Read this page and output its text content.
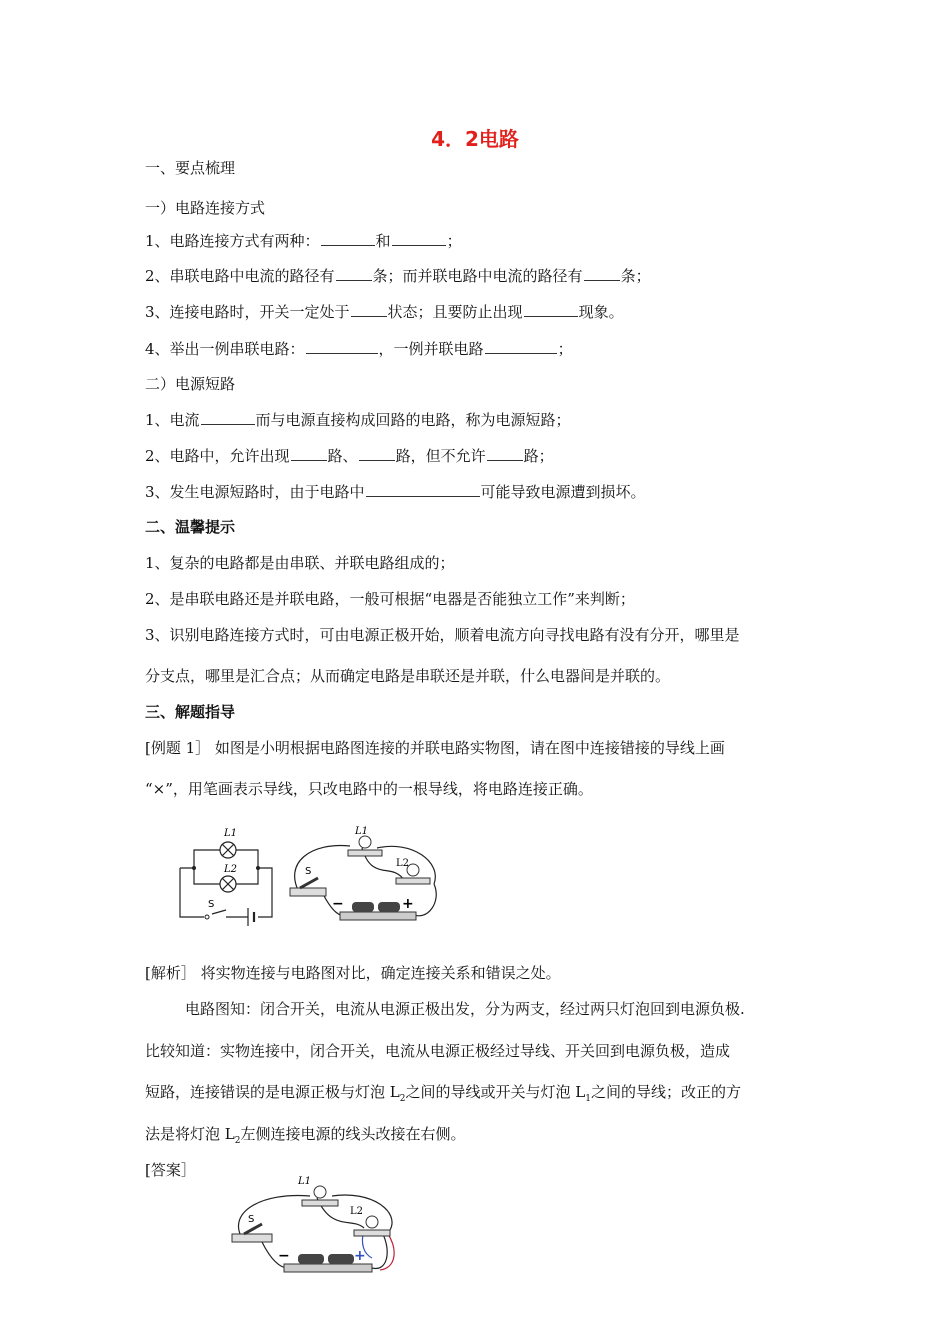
4．2电路
一、要点梳理
一）电路连接方式
1、电路连接方式有两种：	和	；
2、串联电路中电流的路径有	条；而并联电路中电流的路径有	条；
3、连接电路时，开关一定处于	状态；且要防止出现	现象。
4、举出一例串联电路：	，一例并联电路	；
二）电源短路
1、电流	而与电源直接构成回路的电路，称为电源短路；
2、电路中，允许出现	路、	路，但不允许	路；
3、发生电源短路时，由于电路中	可能导致电源遭到损坏。
二、温馨提示
1、复杂的电路都是由串联、并联电路组成的；
2、是串联电路还是并联电路，一般可根据“电器是否能独立工作”来判断；
3、识别电路连接方式时，可由电源正极开始，顺着电流方向寻找电路有没有分开，哪里是
分支点，哪里是汇合点；从而确定电路是串联还是并联，什么电器间是并联的。
三、解题指导
[例题 1］ 如图是小明根据电路图连接的并联电路实物图，请在图中连接错接的导线上画
“×”，用笔画表示导线，只改电路中的一根导线，将电路连接正确。
L1
L2
S
L1
L2
S
−	+
[解析］ 将实物连接与电路图对比，确定连接关系和错误之处。
电路图知：闭合开关，电流从电源正极出发，分为两支，经过两只灯泡回到电源负极.
比较知道：实物连接中，闭合开关，电流从电源正极经过导线、开关回到电源负极，造成
短路，连接错误的是电源正极与灯泡 $L_2$之间的导线或开关与灯泡 $L_1$之间的导线；改正的方
法是将灯泡 $L_2$左侧连接电源的线头改接在右侧。
[答案］
L1
L2
S
−	+
